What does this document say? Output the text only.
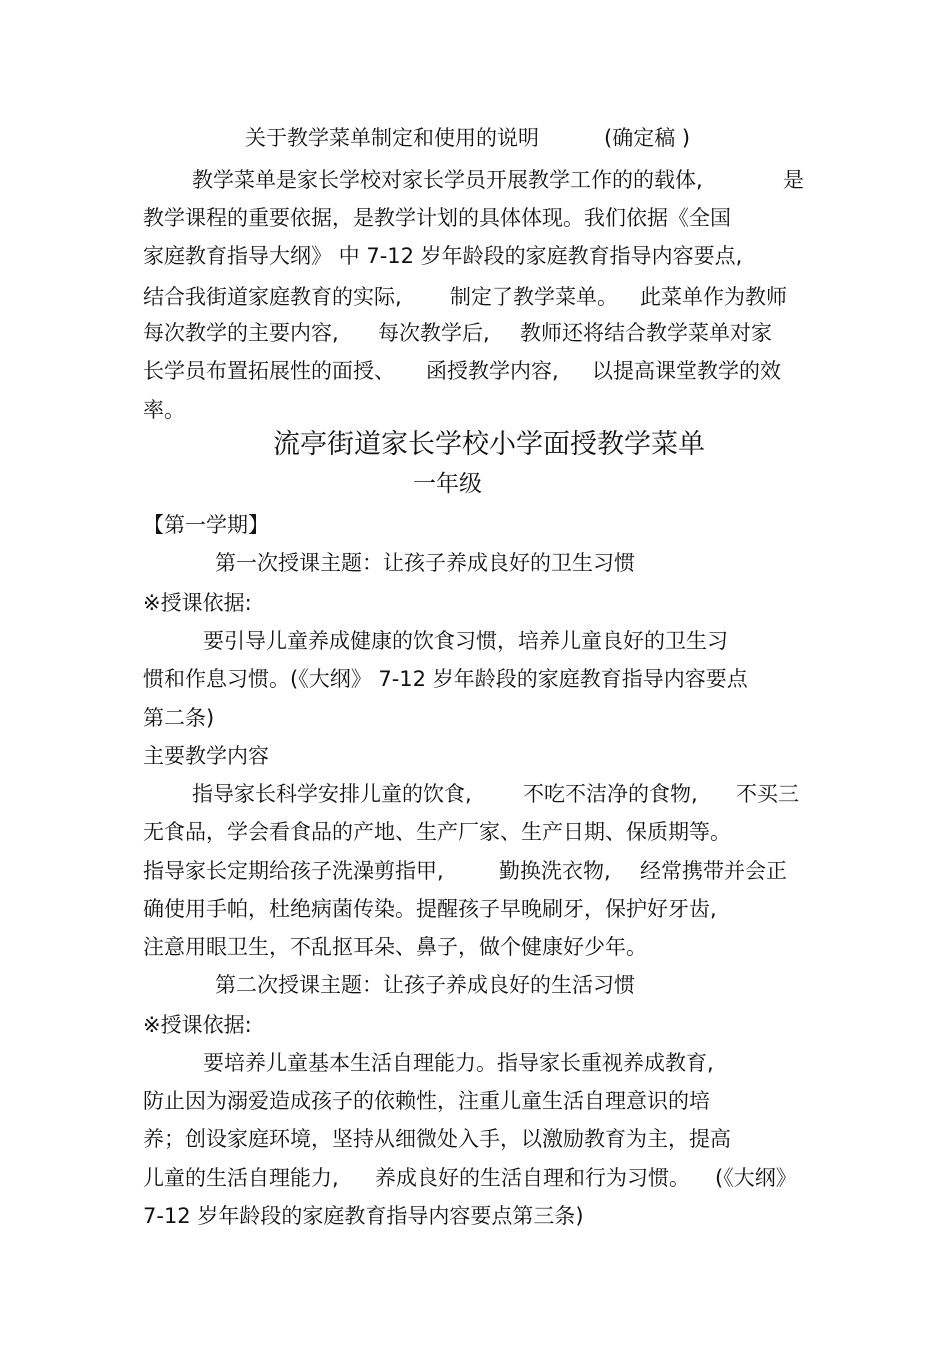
关于教学菜单制定和使用的说明	(确定稿 )
教学菜单是家长学校对家长学员开展教学工作的的载体,	是
教学课程的重要依据，是教学计划的具体体现。我们依据《全国
家庭教育指导大纲》 中 7-12 岁年龄段的家庭教育指导内容要点,
结合我街道家庭教育的实际, 制定了教学菜单。 此菜单作为教师
每次教学的主要内容, 每次教学后, 教师还将结合教学菜单对家
长学员布置拓展性的面授、 函授教学内容, 以提高课堂教学的效
率。
流亭街道家长学校小学面授教学菜单
一年级
【第一学期】
第一次授课主题：让孩子养成良好的卫生习惯
※授课依据:
要引导儿童养成健康的饮食习惯，培养儿童良好的卫生习
惯和作息习惯。(《大纲》 7-12 岁年龄段的家庭教育指导内容要点
第二条)
主要教学内容
指导家长科学安排儿童的饮食, 不吃不洁净的食物, 不买三
无食品，学会看食品的产地、生产厂家、生产日期、保质期等。
指导家长定期给孩子洗澡剪指甲,	勤换洗衣物, 经常携带并会正
确使用手帕，杜绝病菌传染。提醒孩子早晚刷牙，保护好牙齿,
注意用眼卫生，不乱抠耳朵、鼻子，做个健康好少年。
第二次授课主题：让孩子养成良好的生活习惯
※授课依据:
要培养儿童基本生活自理能力。指导家长重视养成教育,
防止因为溺爱造成孩子的依赖性，注重儿童生活自理意识的培
养；创设家庭环境，坚持从细微处入手，以激励教育为主，提高
儿童的生活自理能力, 养成良好的生活自理和行为习惯。 (《大纲》
7-12 岁年龄段的家庭教育指导内容要点第三条)
